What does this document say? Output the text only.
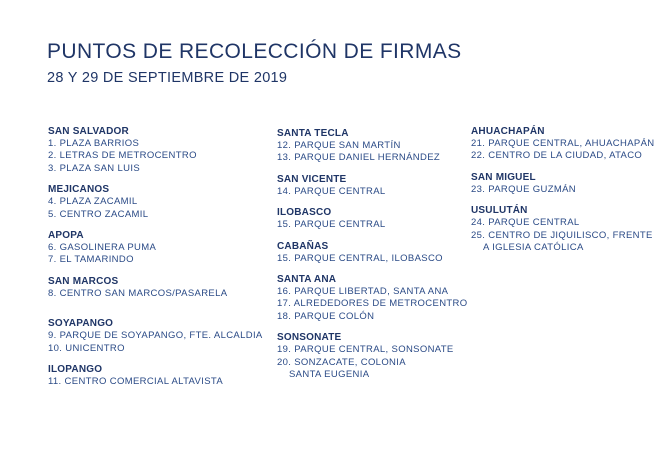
PUNTOS DE RECOLECCIÓN DE FIRMAS
28 Y 29 DE SEPTIEMBRE DE 2019
SAN SALVADOR
1. PLAZA BARRIOS
2. LETRAS DE METROCENTRO
3. PLAZA SAN LUIS
MEJICANOS
4. PLAZA ZACAMIL
5. CENTRO ZACAMIL
APOPA
6. GASOLINERA PUMA
7. EL TAMARINDO
SAN MARCOS
8. CENTRO SAN MARCOS/PASARELA
SOYAPANGO
9. PARQUE DE SOYAPANGO, FTE. ALCALDIA
10. UNICENTRO
ILOPANGO
11. CENTRO COMERCIAL ALTAVISTA
SANTA TECLA
12. PARQUE SAN MARTÍN
13. PARQUE DANIEL HERNÁNDEZ
SAN VICENTE
14. PARQUE CENTRAL
ILOBASCO
15. PARQUE CENTRAL
CABAÑAS
15. PARQUE CENTRAL, ILOBASCO
SANTA ANA
16. PARQUE LIBERTAD, SANTA ANA
17. ALREDEDORES DE METROCENTRO
18. PARQUE COLÓN
SONSONATE
19. PARQUE CENTRAL, SONSONATE
20. SONZACATE, COLONIA
SANTA EUGENIA
AHUACHAPÁN
21. PARQUE CENTRAL, AHUACHAPÁN
22. CENTRO DE LA CIUDAD, ATACO
SAN MIGUEL
23. PARQUE GUZMÁN
USULUTÁN
24. PARQUE CENTRAL
25. CENTRO DE JIQUILISCO, FRENTE
A IGLESIA CATÓLICA
